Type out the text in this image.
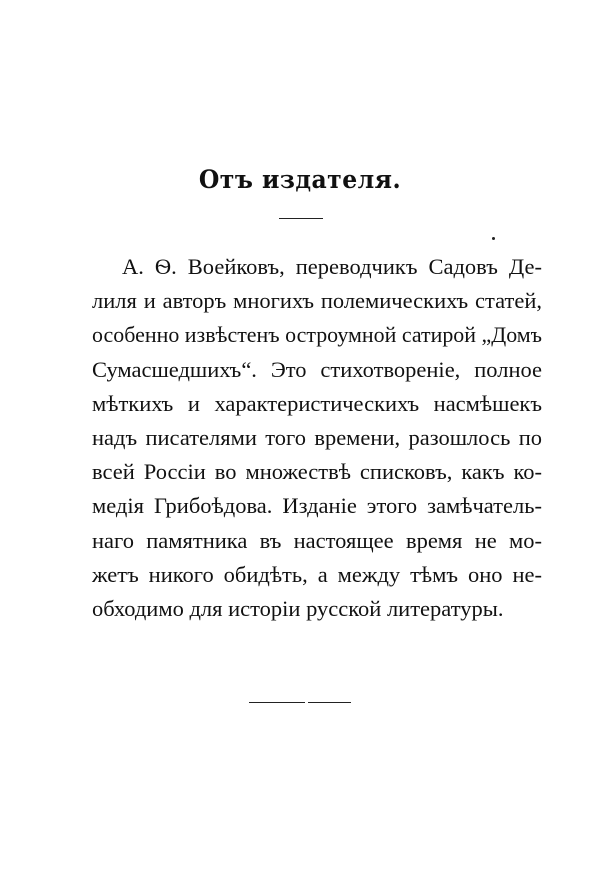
Отъ издателя.
А. Ѳ. Воейковъ, переводчикъ Садовъ Де-
лиля и авторъ многихъ полемическихъ статей,
особенно извѣстенъ остроумной сатирой „Домъ
Сумасшедшихъ“. Это стихотвореніе, полное
мѣткихъ и характеристическихъ насмѣшекъ
надъ писателями того времени, разошлось по
всей Россіи во множествѣ списковъ, какъ ко-
медія Грибоѣдова. Изданіе этого замѣчатель-
наго памятника въ настоящее время не мо-
жетъ никого обидѣть, а между тѣмъ оно не-
обходимо для исторіи русской литературы.
